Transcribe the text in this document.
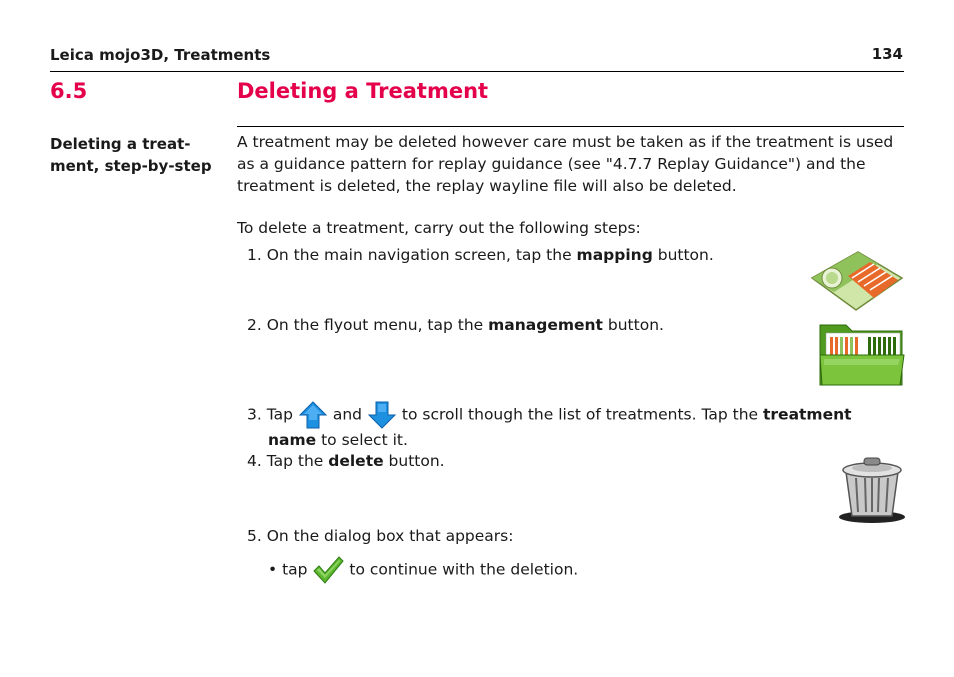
Leica mojo3D, Treatments	134
6.5	Deleting a Treatment
Deleting a treat-
ment, step-by-step
A treatment may be deleted however care must be taken as if the treatment is used as a guidance pattern for replay guidance (see "4.7.7 Replay Guidance") and the treatment is deleted, the replay wayline file will also be deleted.
To delete a treatment, carry out the following steps:
1. On the main navigation screen, tap the mapping button.
2. On the flyout menu, tap the management button.
3. Tap	and	to scroll though the list of treatments. Tap the treatment
name to select it.
4. Tap the delete button.
5. On the dialog box that appears:
• tap	to continue with the deletion.
